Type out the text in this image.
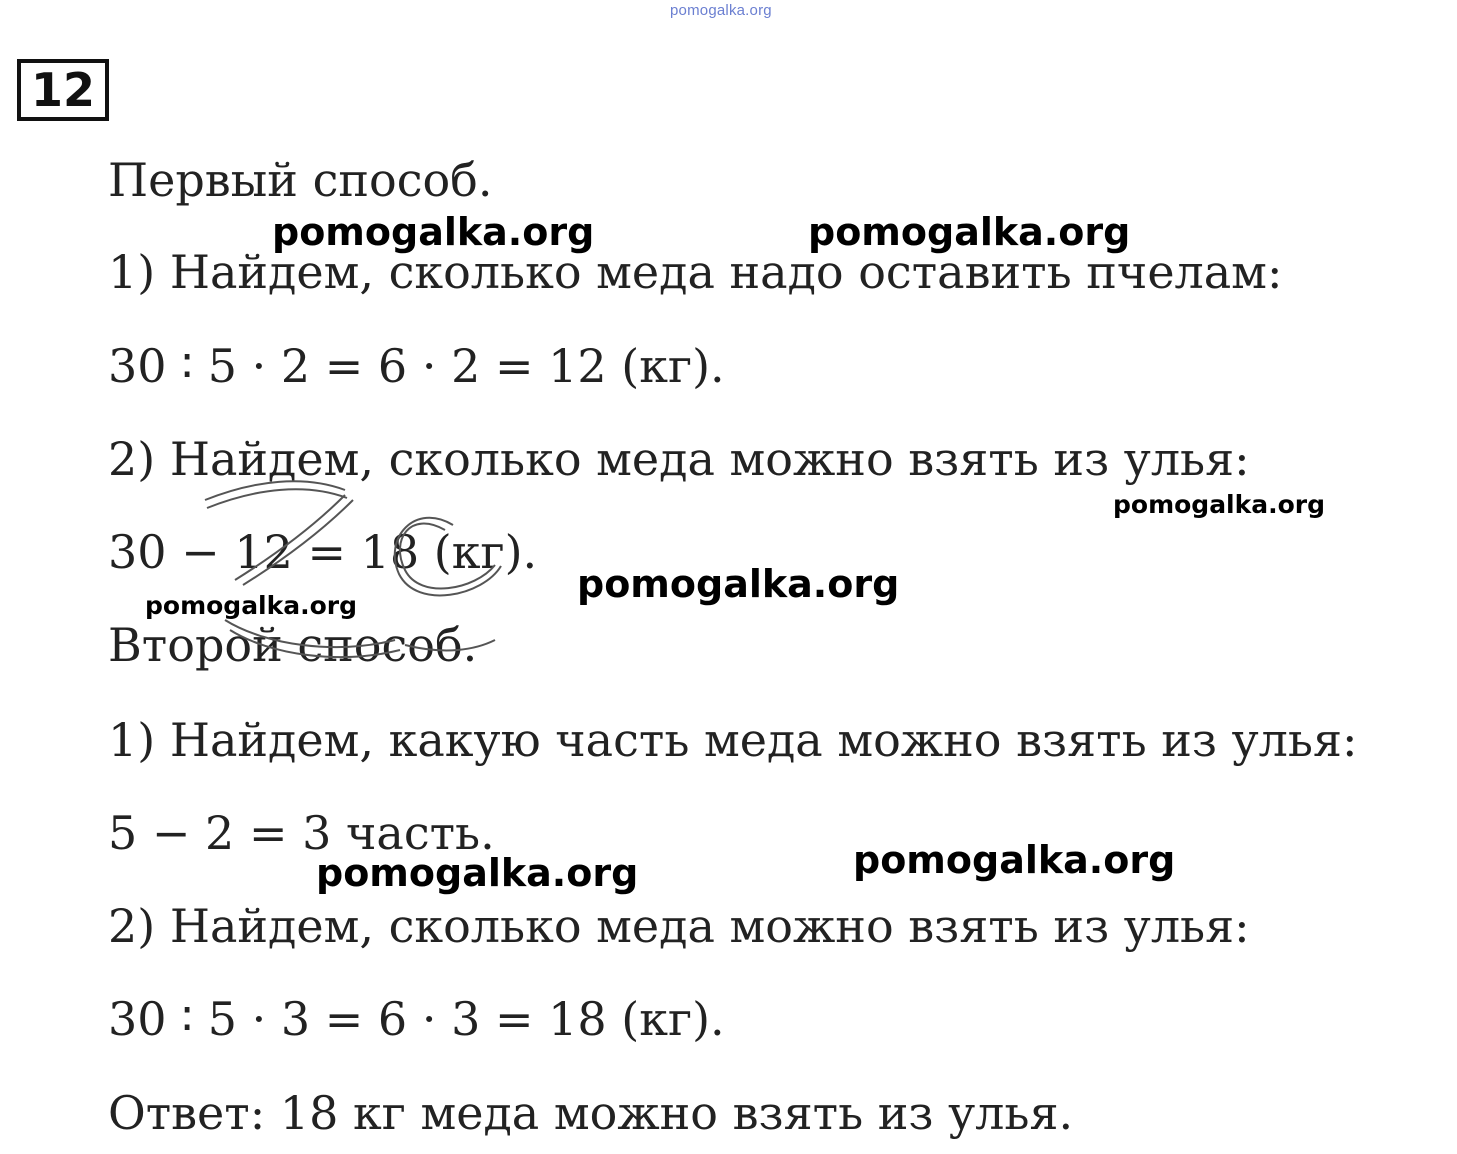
pomogalka.org
12
Первый способ.
1) Найдем, сколько меда надо оставить пчелам:
30 ∶ 5 · 2 = 6 · 2 = 12 (кг).
2) Найдем, сколько меда можно взять из улья:
30 − 12 = 18 (кг).
Второй способ.
1) Найдем, какую часть меда можно взять из улья:
5 − 2 = 3 часть.
2) Найдем, сколько меда можно взять из улья:
30 ∶ 5 · 3 = 6 · 3 = 18 (кг).
Ответ: 18 кг меда можно взять из улья.
pomogalka.org	pomogalka.org
pomogalka.org
pomogalka.org
pomogalka.org
pomogalka.org	pomogalka.org
